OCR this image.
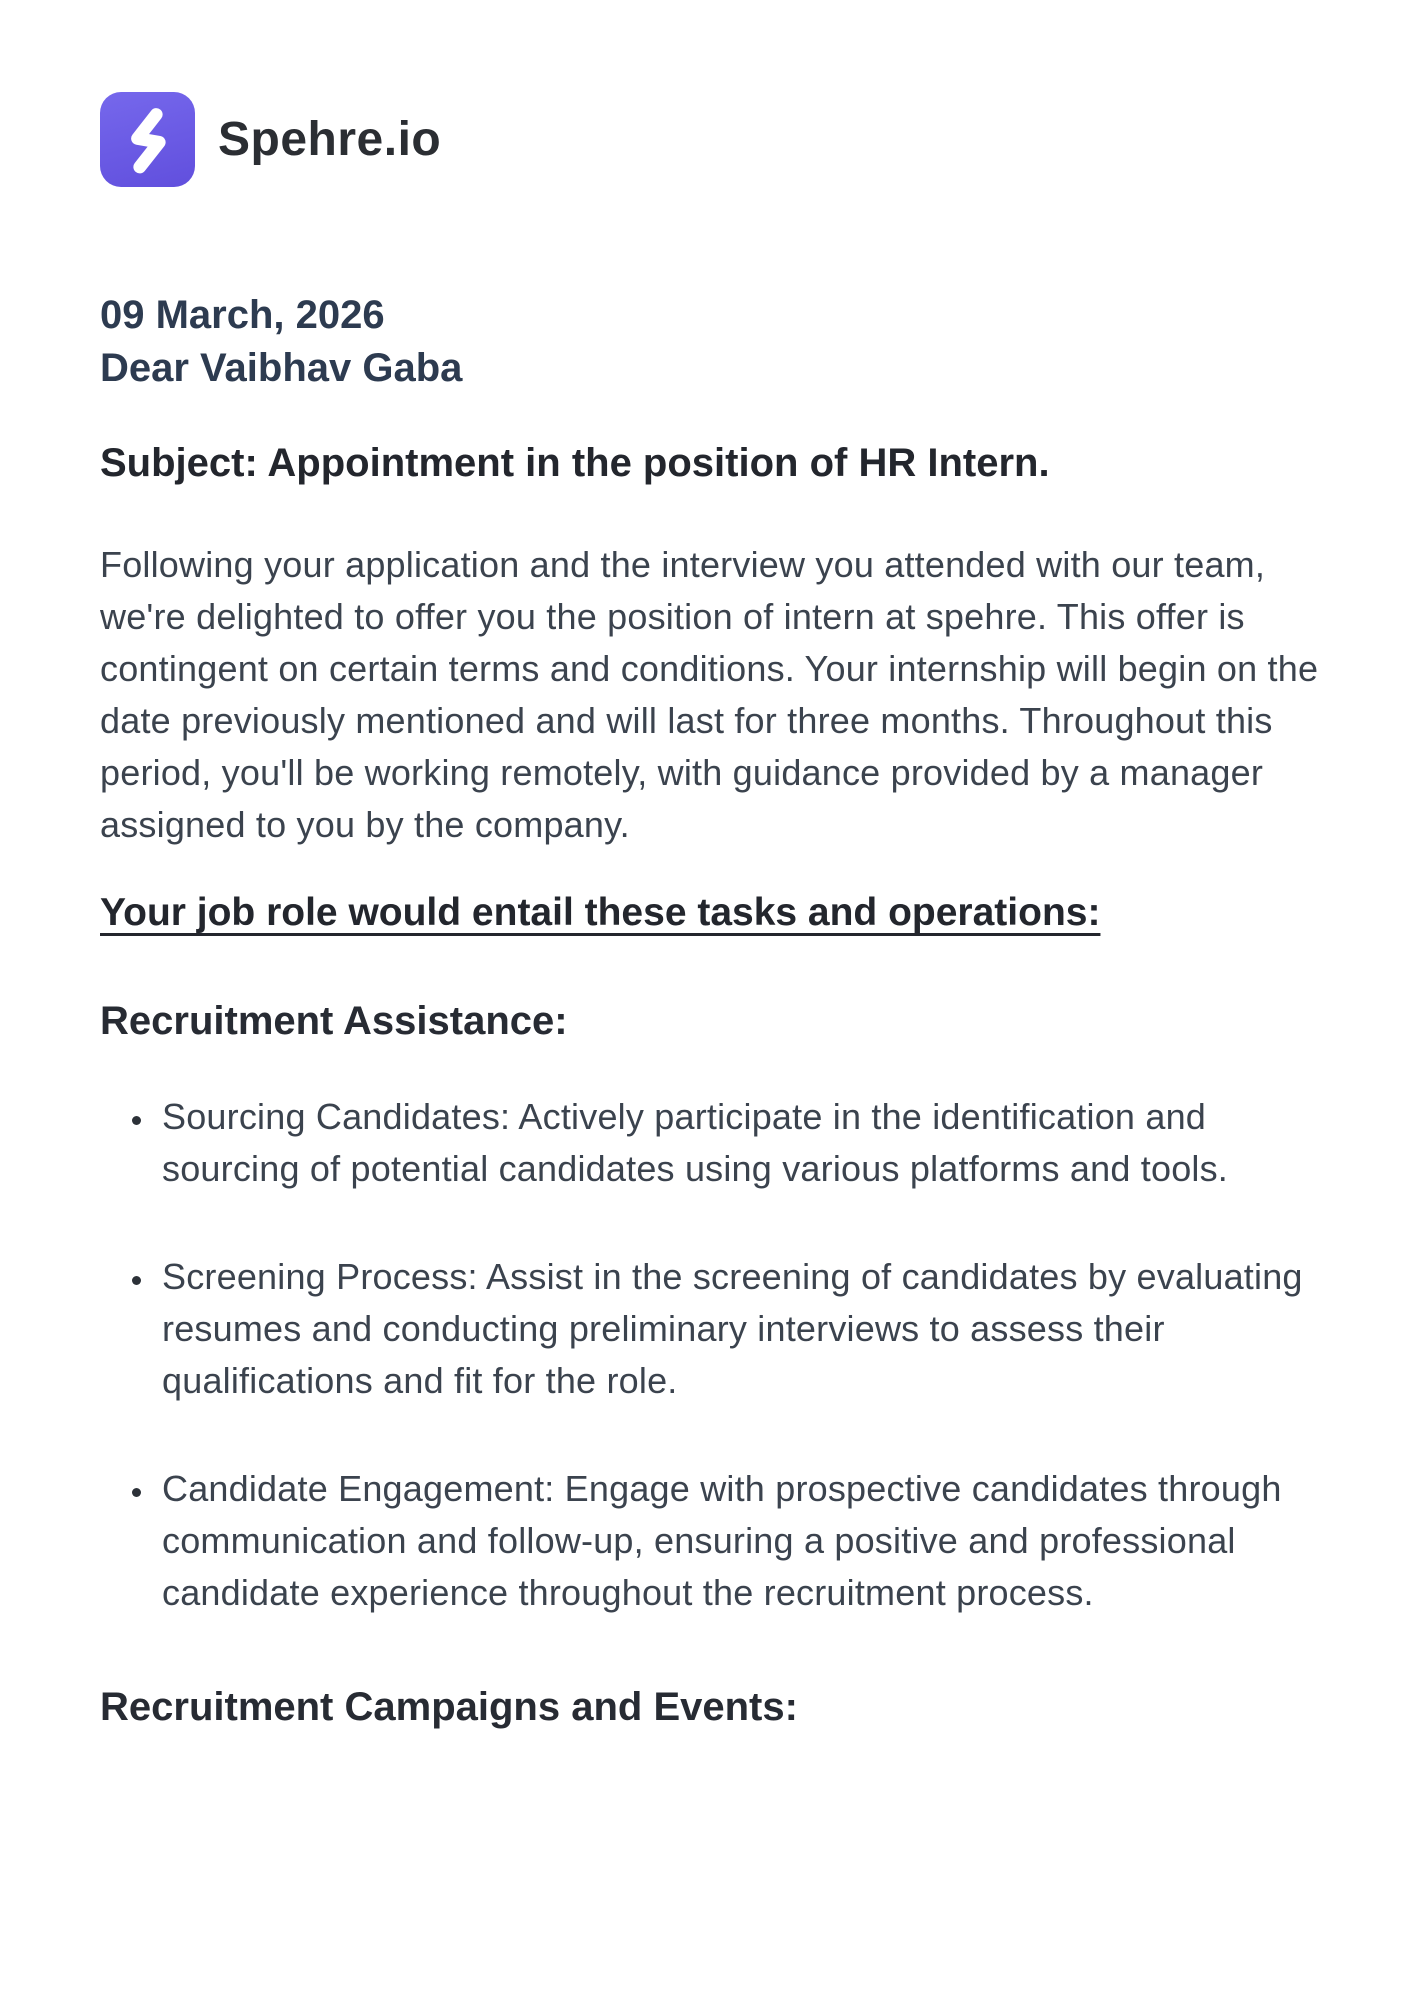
Spehre.io
09 March, 2026
Dear Vaibhav Gaba
Subject: Appointment in the position of HR Intern.

Following your application and the interview you attended with our team, we're delighted to offer you the position of intern at spehre. This offer is contingent on certain terms and conditions. Your internship will begin on the date previously mentioned and will last for three months. Throughout this period, you'll be working remotely, with guidance provided by a manager assigned to you by the company.

Your job role would entail these tasks and operations:
Recruitment Assistance:
• Sourcing Candidates: Actively participate in the identification and sourcing of potential candidates using various platforms and tools.
• Screening Process: Assist in the screening of candidates by evaluating resumes and conducting preliminary interviews to assess their qualifications and fit for the role.
• Candidate Engagement: Engage with prospective candidates through communication and follow-up, ensuring a positive and professional candidate experience throughout the recruitment process.
Recruitment Campaigns and Events:
